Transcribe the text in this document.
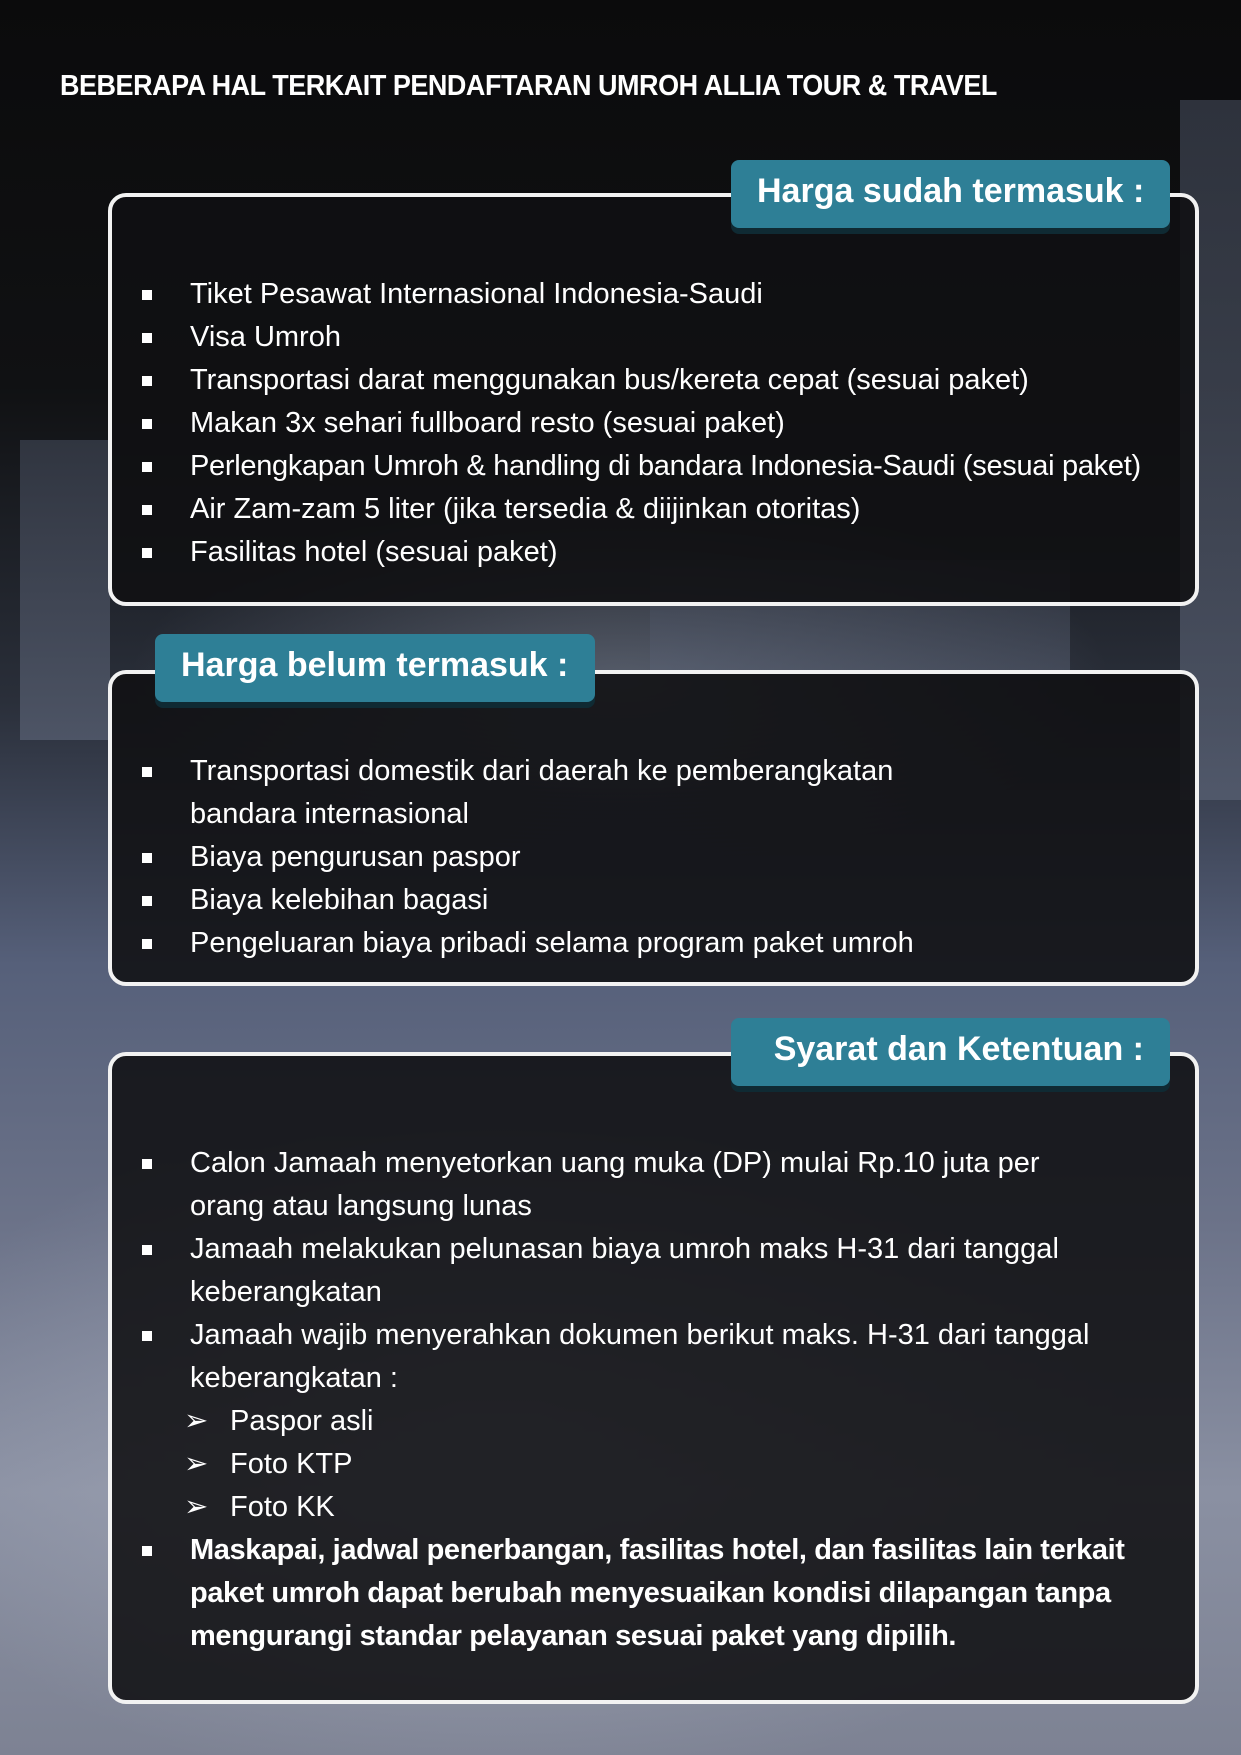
BEBERAPA HAL TERKAIT PENDAFTARAN UMROH ALLIA TOUR & TRAVEL
Tiket Pesawat Internasional Indonesia-Saudi
Visa Umroh
Transportasi darat menggunakan bus/kereta cepat (sesuai paket)
Makan 3x sehari fullboard resto (sesuai paket)
Perlengkapan Umroh & handling di bandara Indonesia-Saudi (sesuai paket)
Air Zam-zam 5 liter (jika tersedia & diijinkan otoritas)
Fasilitas hotel (sesuai paket)
Harga sudah termasuk :
Transportasi domestik dari daerah ke pemberangkatan bandara internasional
Biaya pengurusan paspor
Biaya kelebihan bagasi
Pengeluaran biaya pribadi selama program paket umroh
Harga belum termasuk :
Calon Jamaah menyetorkan uang muka (DP) mulai Rp.10 juta per orang atau langsung lunas
Jamaah melakukan pelunasan biaya umroh maks H-31 dari tanggal keberangkatan
Jamaah wajib menyerahkan dokumen berikut maks. H-31 dari tanggal keberangkatan :
➢ Paspor asli
➢ Foto KTP
➢ Foto KK
Maskapai, jadwal penerbangan, fasilitas hotel, dan fasilitas lain terkait paket umroh dapat berubah menyesuaikan kondisi dilapangan tanpa mengurangi standar pelayanan sesuai paket yang dipilih.
Syarat dan Ketentuan :
